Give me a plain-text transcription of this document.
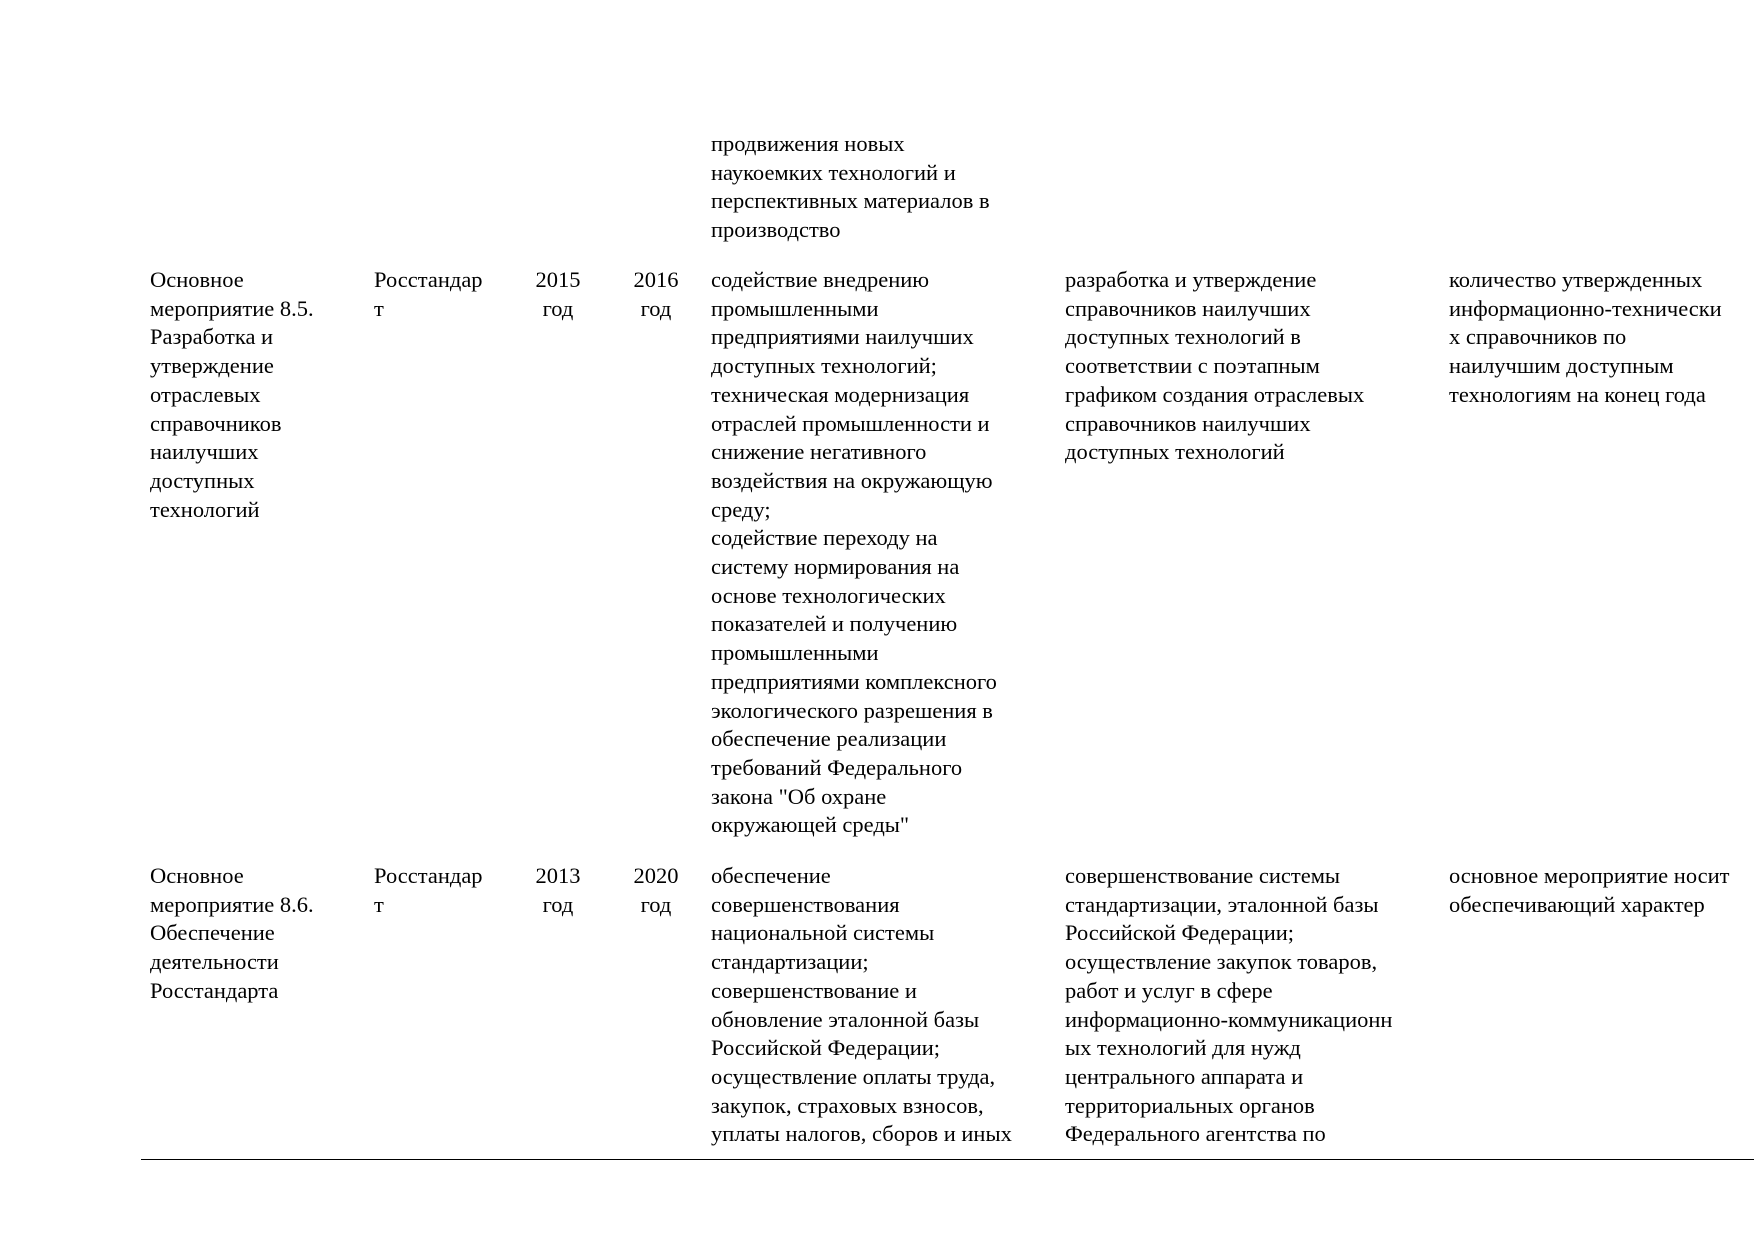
продвижения новых
наукоемких технологий и
перспективных материалов в
производство
Основное
мероприятие 8.5.
Разработка и
утверждение
отраслевых
справочников
наилучших
доступных
технологий
Росстандар
т
2015
год
2016
год
содействие внедрению
промышленными
предприятиями наилучших
доступных технологий;
техническая модернизация
отраслей промышленности и
снижение негативного
воздействия на окружающую
среду;
содействие переходу на
систему нормирования на
основе технологических
показателей и получению
промышленными
предприятиями комплексного
экологического разрешения в
обеспечение реализации
требований Федерального
закона "Об охране
окружающей среды"
разработка и утверждение
справочников наилучших
доступных технологий в
соответствии с поэтапным
графиком создания отраслевых
справочников наилучших
доступных технологий
количество утвержденных
информационно-технически
х справочников по
наилучшим доступным
технологиям на конец года
Основное
мероприятие 8.6.
Обеспечение
деятельности
Росстандарта
Росстандар
т
2013
год
2020
год
обеспечение
совершенствования
национальной системы
стандартизации;
совершенствование и
обновление эталонной базы
Российской Федерации;
осуществление оплаты труда,
закупок, страховых взносов,
уплаты налогов, сборов и иных
совершенствование системы
стандартизации, эталонной базы
Российской Федерации;
осуществление закупок товаров,
работ и услуг в сфере
информационно-коммуникационн
ых технологий для нужд
центрального аппарата и
территориальных органов
Федерального агентства по
основное мероприятие носит
обеспечивающий характер
